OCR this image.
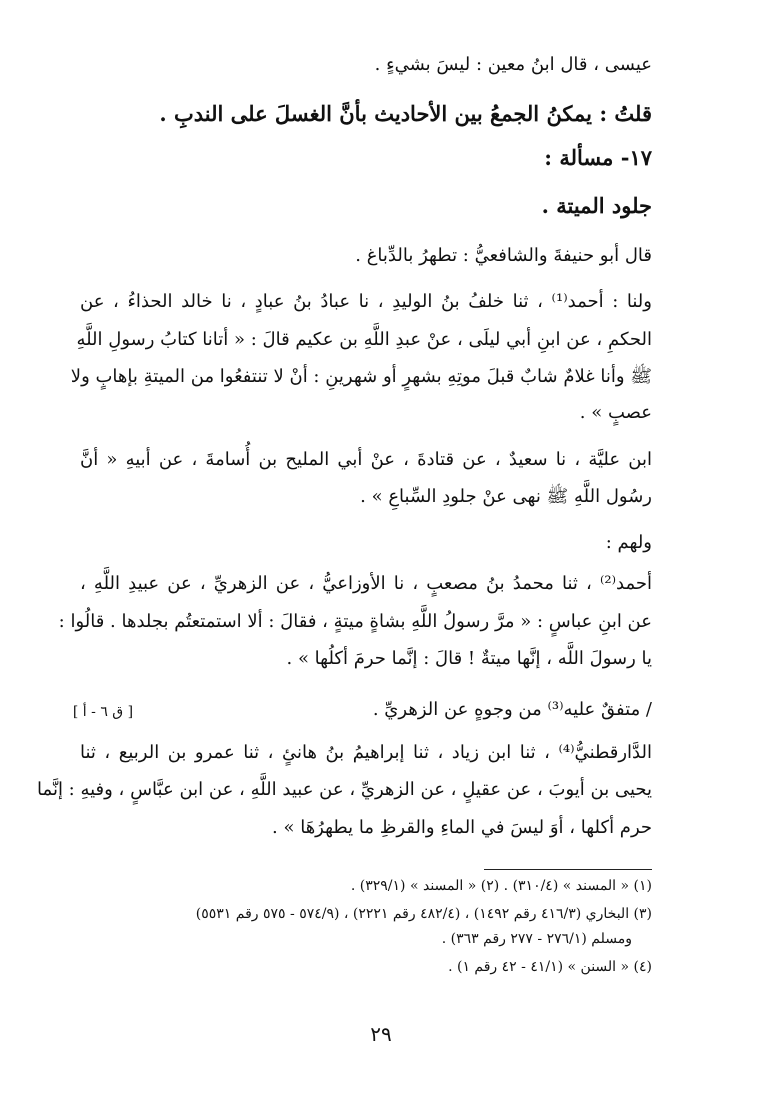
عيسى ، قال ابنُ معين : ليسَ بشيءٍ .
قلتُ : يمكنُ الجمعُ بين الأحاديث بأنَّ الغسلَ على الندبِ .
١٧- مسألة :
جلود الميتة .
قال أبو حنيفةَ والشافعيُّ : تطهرُ بالدِّباغ .
ولنا : أحمد⁽¹⁾ ، ثنا خلفُ بنُ الوليدِ ، نا عبادُ بنُ عبادٍ ، نا خالد الحذاءُ ، عن
الحكمِ ، عن ابنِ أبي ليلَى ، عنْ عبدِ اللَّهِ بن عكيم قالَ : « أتانا كتابُ رسولِ اللَّهِ
ﷺ وأنا غلامٌ شابٌ قبلَ موتِهِ بشهرٍ أو شهرينِ : أنْ لا تنتفعُوا من الميتةِ بإهابٍ ولا
عصبٍ » .
ابن عليَّة ، نا سعيدٌ ، عن قتادةَ ، عنْ أبي المليح بن أُسامةَ ، عن أبيهِ « أنَّ
رسُول اللَّهِ ﷺ نهى عنْ جلودِ السِّباعِ » .
ولهم :
أحمد⁽²⁾ ، ثنا محمدُ بنُ مصعبٍ ، نا الأوزاعيُّ ، عن الزهريِّ ، عن عبيدِ اللَّهِ ،
عن ابنِ عباسٍ : « مرَّ رسولُ اللَّهِ بشاةٍ ميتةٍ ، فقالَ : ألا استمتعتُم بجلدها . قالُوا :
يا رسولَ اللَّه ، إنَّها ميتةٌ ! قالَ : إنَّما حرمَ أكلُها » .
/ متفقٌ عليه⁽³⁾ من وجوهٍ عن الزهريِّ .
[ ق ٦ - أ ]
الدَّارقطنيُّ⁽⁴⁾ ، ثنا ابن زياد ، ثنا إبراهيمُ بنُ هانئٍ ، ثنا عمرو بن الربيع ، ثنا
يحيى بن أيوبَ ، عن عقيلٍ ، عن الزهريِّ ، عن عبيد اللَّهِ ، عن ابن عبَّاسٍ ، وفيهِ : إنَّما
حرم أكلها ، أوَ ليسَ في الماءِ والقرظِ ما يطهرُهَا » .
(١) « المسند » (٣١٠/٤) . (٢) « المسند » (٣٢٩/١) .
(٣) البخاري (٤١٦/٣ رقم ١٤٩٢) ، (٤٨٢/٤ رقم ٢٢٢١) ، (٥٧٤/٩ - ٥٧٥ رقم ٥٥٣١)
ومسلم (٢٧٦/١ - ٢٧٧ رقم ٣٦٣) .
(٤) « السنن » (٤١/١ - ٤٢ رقم ١) .
٢٩
